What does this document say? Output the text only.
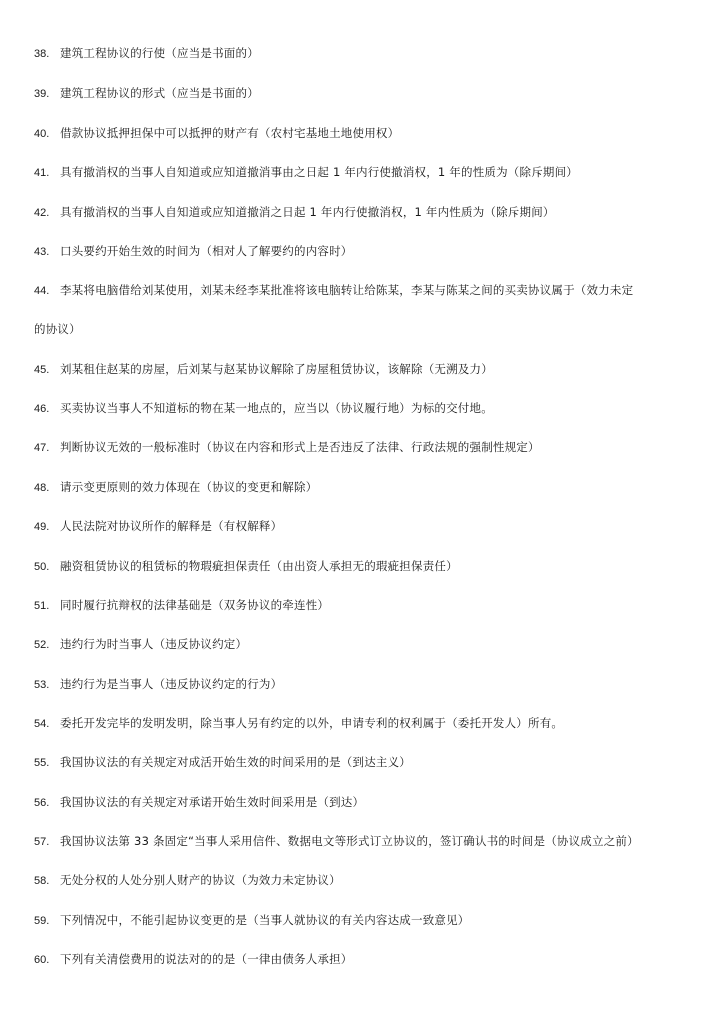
38. 建筑工程协议的行使（应当是书面的）
39. 建筑工程协议的形式（应当是书面的）
40. 借款协议抵押担保中可以抵押的财产有（农村宅基地土地使用权）
41. 具有撤消权的当事人自知道或应知道撤消事由之日起 1 年内行使撤消权，1 年的性质为（除斥期间）
42. 具有撤消权的当事人自知道或应知道撤消之日起 1 年内行使撤消权，1 年内性质为（除斥期间）
43. 口头要约开始生效的时间为（相对人了解要约的内容时）
44. 李某将电脑借给刘某使用，刘某未经李某批准将该电脑转让给陈某，李某与陈某之间的买卖协议属于（效力未定
的协议）
45. 刘某租住赵某的房屋，后刘某与赵某协议解除了房屋租赁协议，该解除（无溯及力）
46. 买卖协议当事人不知道标的物在某一地点的，应当以（协议履行地）为标的交付地。
47. 判断协议无效的一般标准时（协议在内容和形式上是否违反了法律、行政法规的强制性规定）
48. 请示变更原则的效力体现在（协议的变更和解除）
49. 人民法院对协议所作的解释是（有权解释）
50. 融资租赁协议的租赁标的物瑕疵担保责任（由出资人承担无的瑕疵担保责任）
51. 同时履行抗辩权的法律基础是（双务协议的牵连性）
52. 违约行为时当事人（违反协议约定）
53. 违约行为是当事人（违反协议约定的行为）
54. 委托开发完毕的发明发明，除当事人另有约定的以外，申请专利的权利属于（委托开发人）所有。
55. 我国协议法的有关规定对成活开始生效的时间采用的是（到达主义）
56. 我国协议法的有关规定对承诺开始生效时间采用是（到达）
57. 我国协议法第 33 条固定“当事人采用信件、数据电文等形式订立协议的，签订确认书的时间是（协议成立之前）
58. 无处分权的人处分别人财产的协议（为效力未定协议）
59. 下列情况中，不能引起协议变更的是（当事人就协议的有关内容达成一致意见）
60. 下列有关清偿费用的说法对的的是（一律由债务人承担）
